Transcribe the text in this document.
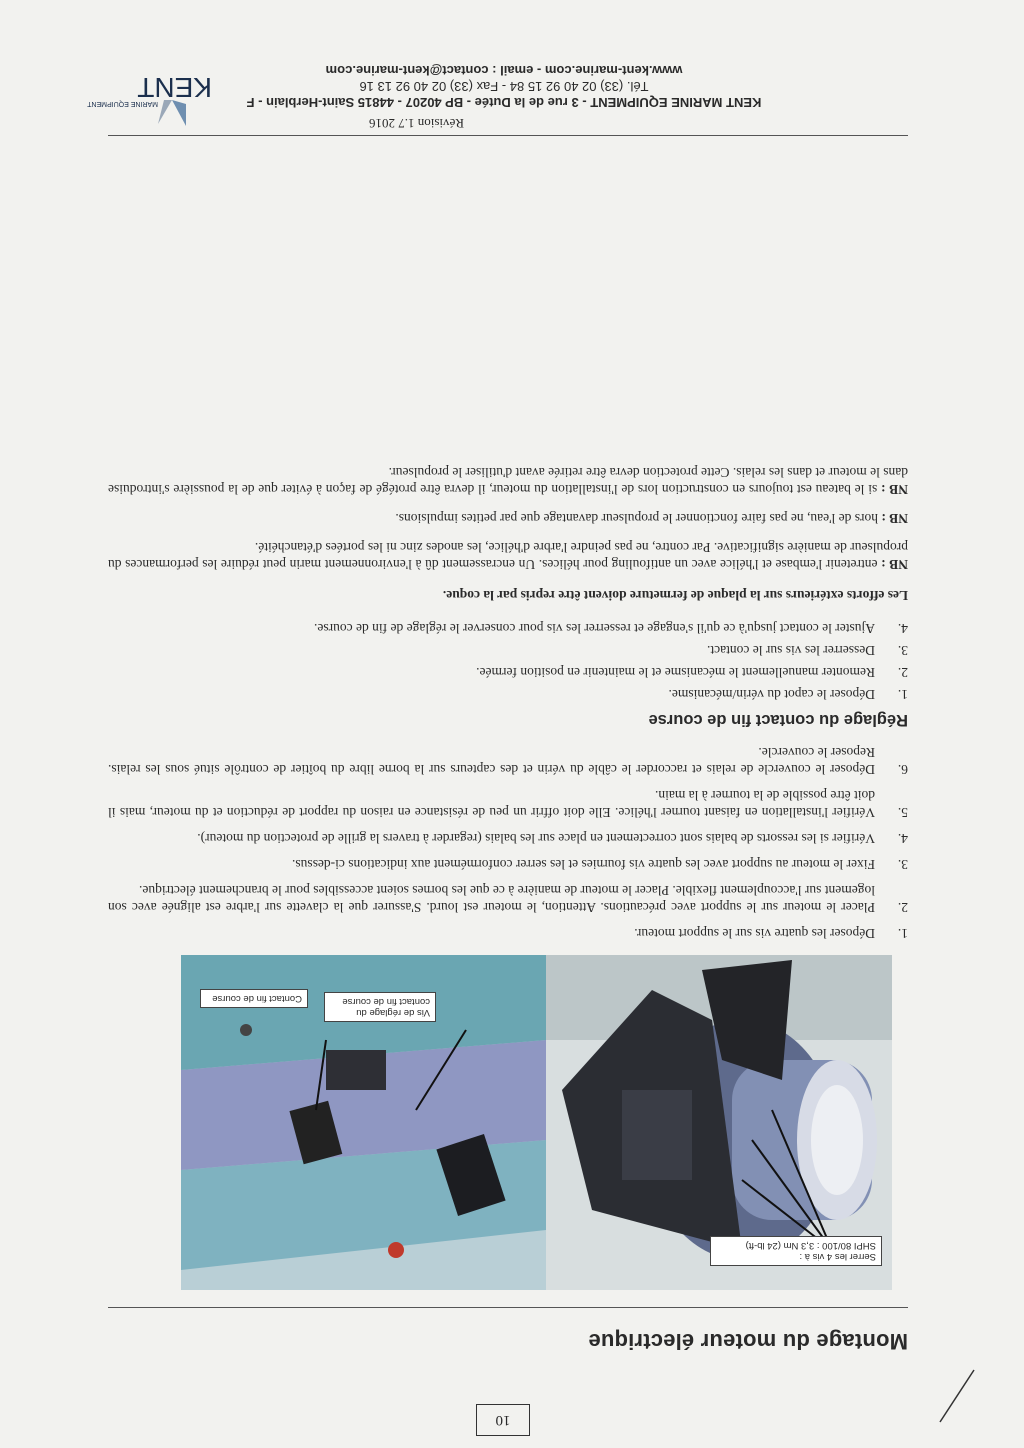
10
Montage du moteur électrique
Serrer les 4 vis à :
SHPI 80/100 : 3,3 Nm (24 lb-ft)
Vis de réglage du contact fin de course
Contact fin de course
1.
Déposer les quatre vis sur le support moteur.
2.
Placer le moteur sur le support avec précautions. Attention, le moteur est lourd. S'assurer que la clavette sur l'arbre est alignée avec son logement sur l'accouplement flexible. Placer le moteur de manière à ce que les bornes soient accessibles pour le branchement électrique.
3.
Fixer le moteur au support avec les quatre vis fournies et les serrer conformément aux indications ci-dessus.
4.
Vérifier si les ressorts de balais sont correctement en place sur les balais (regarder à travers la grille de protection du moteur).
5.
Vérifier l'installation en faisant tourner l'hélice. Elle doit offrir un peu de résistance en raison du rapport de réduction et du moteur, mais il doit être possible de la tourner à la main.
6.
Déposer le couvercle de relais et raccorder le câble du vérin et des capteurs sur la borne libre du boîtier de contrôle situé sous les relais. Reposer le couvercle.
Réglage du contact fin de course
1.
Déposer le capot du vérin/mécanisme.
2.
Remonter manuellement le mécanisme et le maintenir en position fermée.
3.
Desserrer les vis sur le contact.
4.
Ajuster le contact jusqu'à ce qu'il s'engage et resserrer les vis pour conserver le réglage de fin de course.
Les efforts extérieurs sur la plaque de fermeture doivent être repris par la coque.

NB : entretenir l'embase et l'hélice avec un antifouling pour hélices. Un encrassement dû à l'environnement marin peut réduire les performances du propulseur de manière significative. Par contre, ne pas peindre l'arbre d'hélice, les anodes zinc ni les portées d'étanchéité.

NB : hors de l'eau, ne pas faire fonctionner le propulseur davantage que par petites impulsions.

NB : si le bateau est toujours en construction lors de l'installation du moteur, il devra être protégé de façon à éviter que de la poussière s'introduise dans le moteur et dans les relais. Cette protection devra être retirée avant d'utiliser le propulseur.

Révision 1.7 2016
KENT MARINE EQUIPMENT - 3 rue de la Dutée - BP 40207 - 44815 Saint-Herblain - F
Tél. (33) 02 40 92 15 84 - Fax (33) 02 40 92 13 16
www.kent-marine.com - email : contact@kent-marine.com
KENT
MARINE EQUIPMENT
